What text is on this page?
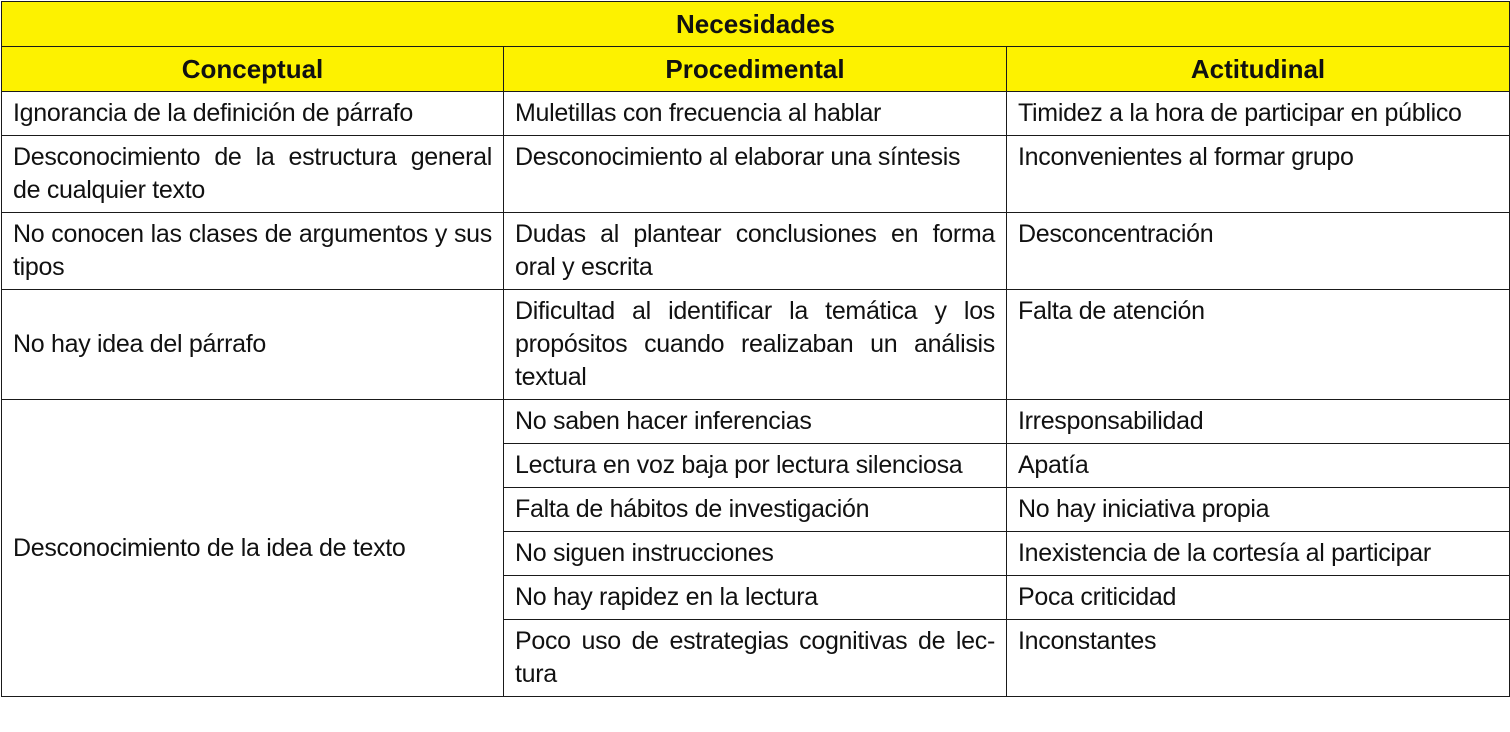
Necesidades		
Conceptual	Procedimental	Actitudinal
Ignorancia de la definición de párrafo	Muletillas con frecuencia al hablar	Timidez a la hora de participar en público
Desconocimiento de la estructura general de cualquier texto	Desconocimiento al elaborar una síntesis	Inconvenientes al formar grupo
No conocen las clases de argumentos y sus tipos	Dudas al plantear conclusiones en forma oral y escrita	Desconcentración
No hay idea del párrafo	Dificultad al identificar la temática y los propósitos cuando realizaban un análisis textual	Falta de atención
Desconocimiento de la idea de texto	No saben hacer inferencias	Irresponsabilidad
	Lectura en voz baja por lectura silenciosa	Apatía
	Falta de hábitos de investigación	No hay iniciativa propia
	No siguen instrucciones	Inexistencia de la cortesía al participar
	No hay rapidez en la lectura	Poca criticidad
	Poco uso de estrategias cognitivas de lec-tura	Inconstantes
